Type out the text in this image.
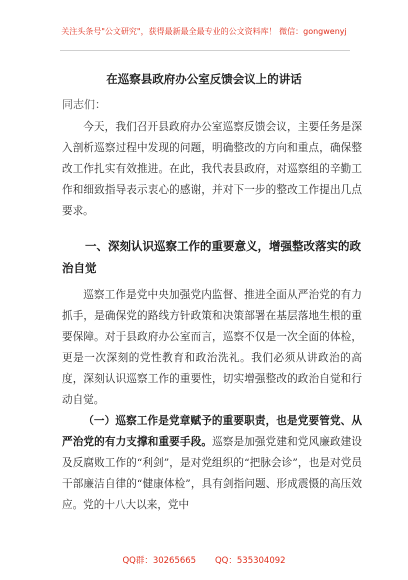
关注头条号"公文研究"，获得最新最全最专业的公文资料库！ 微信：gongwenyj
在巡察县政府办公室反馈会议上的讲话
同志们：
今天，我们召开县政府办公室巡察反馈会议，主要任务是深入剖析巡察过程中发现的问题，明确整改的方向和重点，确保整改工作扎实有效推进。在此，我代表县政府，对巡察组的辛勤工作和细致指导表示衷心的感谢，并对下一步的整改工作提出几点要求。
一、深刻认识巡察工作的重要意义，增强整改落实的政治自觉
巡察工作是党中央加强党内监督、推进全面从严治党的有力抓手，是确保党的路线方针政策和决策部署在基层落地生根的重要保障。对于县政府办公室而言，巡察不仅是一次全面的体检，更是一次深刻的党性教育和政治洗礼。我们必须从讲政治的高度，深刻认识巡察工作的重要性，切实增强整改的政治自觉和行动自觉。
（一）巡察工作是党章赋予的重要职责，也是党要管党、从严治党的有力支撑和重要手段。巡察是加强党建和党风廉政建设及反腐败工作的“利剑”，是对党组织的“把脉会诊”，也是对党员干部廉洁自律的“健康体检”，具有剑指问题、形成震慑的高压效应。党的十八大以来，党中
QQ群：30265665       QQ：535304092
